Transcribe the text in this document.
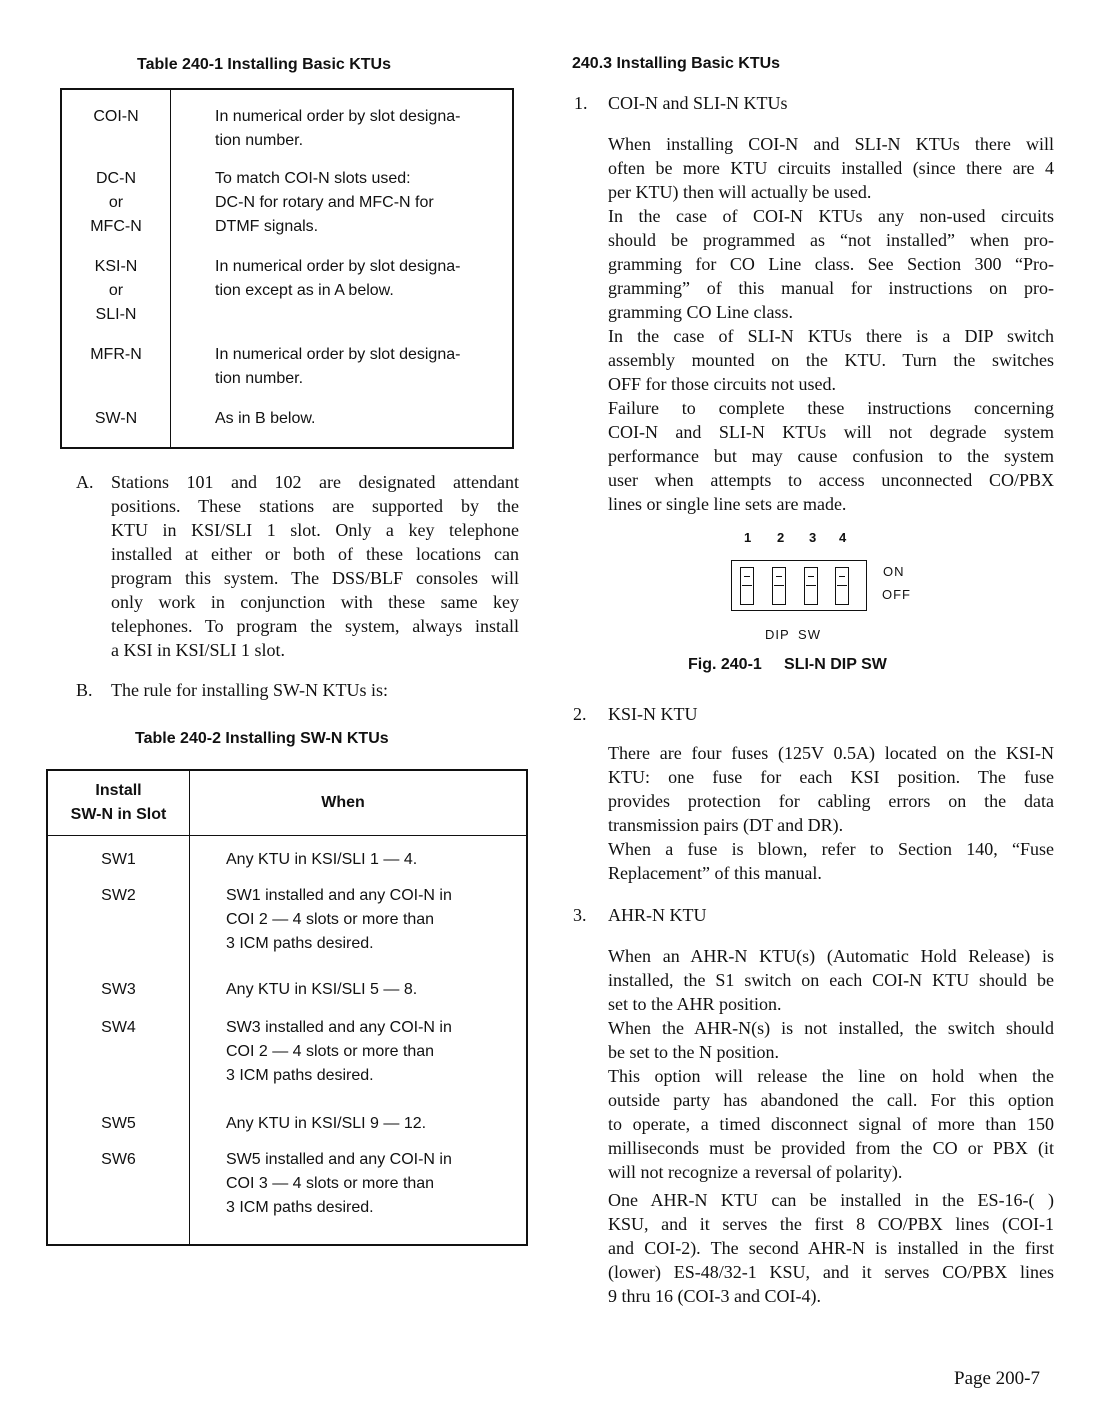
Table 240-1 Installing Basic KTUs
COI-N	In numerical order by slot designa-
tion number.

DC-N
or
MFC-N	To match COI-N slots used:
DC-N for rotary and MFC-N for
DTMF signals.

KSI-N
or
SLI-N	In numerical order by slot designa-
tion except as in A below.

MFR-N	In numerical order by slot designa-
tion number.

SW-N	As in B below.
A. Stations 101 and 102 are designated attendant
positions. These stations are supported by the
KTU in KSI/SLI 1 slot. Only a key telephone
installed at either or both of these locations can
program this system. The DSS/BLF consoles will
only work in conjunction with these same key
telephones. To program the system, always install
a KSI in KSI/SLI 1 slot.
B. The rule for installing SW-N KTUs is:
Table 240-2 Installing SW-N KTUs
Install
SW-N in Slot	When
SW1	Any KTU in KSI/SLI 1 — 4.

SW2	SW1 installed and any COI-N in
COI 2 — 4 slots or more than
3 ICM paths desired.

SW3	Any KTU in KSI/SLI 5 — 8.

SW4	SW3 installed and any COI-N in
COI 2 — 4 slots or more than
3 ICM paths desired.

SW5	Any KTU in KSI/SLI 9 — 12.

SW6	SW5 installed and any COI-N in
COI 3 — 4 slots or more than
3 ICM paths desired.
240.3 Installing Basic KTUs
1. COI-N and SLI-N KTUs
When installing COI-N and SLI-N KTUs there will
often be more KTU circuits installed (since there are 4
per KTU) then will actually be used.
In the case of COI-N KTUs any non-used circuits
should be programmed as “not installed” when pro-
gramming for CO Line class. See Section 300 “Pro-
gramming” of this manual for instructions on pro-
gramming CO Line class.
In the case of SLI-N KTUs there is a DIP switch
assembly mounted on the KTU. Turn the switches
OFF for those circuits not used.
Failure to complete these instructions concerning
COI-N and SLI-N KTUs will not degrade system
performance but may cause confusion to the system
user when attempts to access unconnected CO/PBX
lines or single line sets are made.
1 2 3 4
ON
OFF
DIP SW
Fig. 240-1     SLI-N DIP SW
2. KSI-N KTU
There are four fuses (125V 0.5A) located on the KSI-N
KTU: one fuse for each KSI position. The fuse
provides protection for cabling errors on the data
transmission pairs (DT and DR).
When a fuse is blown, refer to Section 140, “Fuse
Replacement” of this manual.
3. AHR-N KTU
When an AHR-N KTU(s) (Automatic Hold Release) is
installed, the S1 switch on each COI-N KTU should be
set to the AHR position.
When the AHR-N(s) is not installed, the switch should
be set to the N position.
This option will release the line on hold when the
outside party has abandoned the call. For this option
to operate, a timed disconnect signal of more than 150
milliseconds must be provided from the CO or PBX (it
will not recognize a reversal of polarity).
One AHR-N KTU can be installed in the ES-16-( )
KSU, and it serves the first 8 CO/PBX lines (COI-1
and COI-2). The second AHR-N is installed in the first
(lower) ES-48/32-1 KSU, and it serves CO/PBX lines
9 thru 16 (COI-3 and COI-4).
Page 200-7
